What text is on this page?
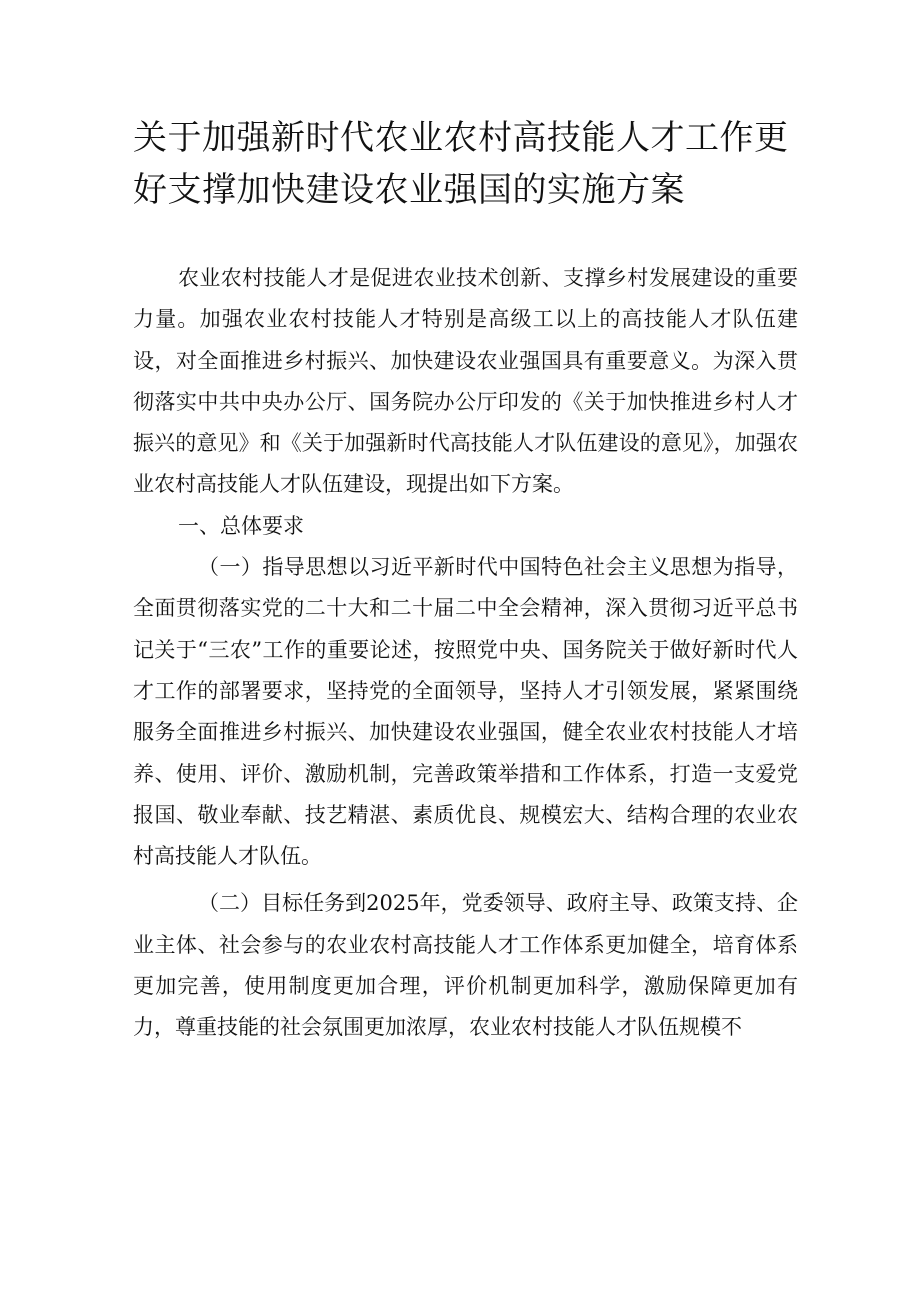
关于加强新时代农业农村高技能人才工作更
好支撑加快建设农业强国的实施方案

农业农村技能人才是促进农业技术创新、支撑乡村发展建设的重要力量。加强农业农村技能人才特别是高级工以上的高技能人才队伍建设，对全面推进乡村振兴、加快建设农业强国具有重要意义。为深入贯彻落实中共中央办公厅、国务院办公厅印发的《关于加快推进乡村人才振兴的意见》和《关于加强新时代高技能人才队伍建设的意见》，加强农业农村高技能人才队伍建设，现提出如下方案。

一、总体要求

（一）指导思想以习近平新时代中国特色社会主义思想为指导，全面贯彻落实党的二十大和二十届二中全会精神，深入贯彻习近平总书记关于“三农”工作的重要论述，按照党中央、国务院关于做好新时代人才工作的部署要求，坚持党的全面领导，坚持人才引领发展，紧紧围绕服务全面推进乡村振兴、加快建设农业强国，健全农业农村技能人才培养、使用、评价、激励机制，完善政策举措和工作体系，打造一支爱党报国、敬业奉献、技艺精湛、素质优良、规模宏大、结构合理的农业农村高技能人才队伍。

（二）目标任务到2025年，党委领导、政府主导、政策支持、企业主体、社会参与的农业农村高技能人才工作体系更加健全，培育体系更加完善，使用制度更加合理，评价机制更加科学，激励保障更加有力，尊重技能的社会氛围更加浓厚，农业农村技能人才队伍规模不
